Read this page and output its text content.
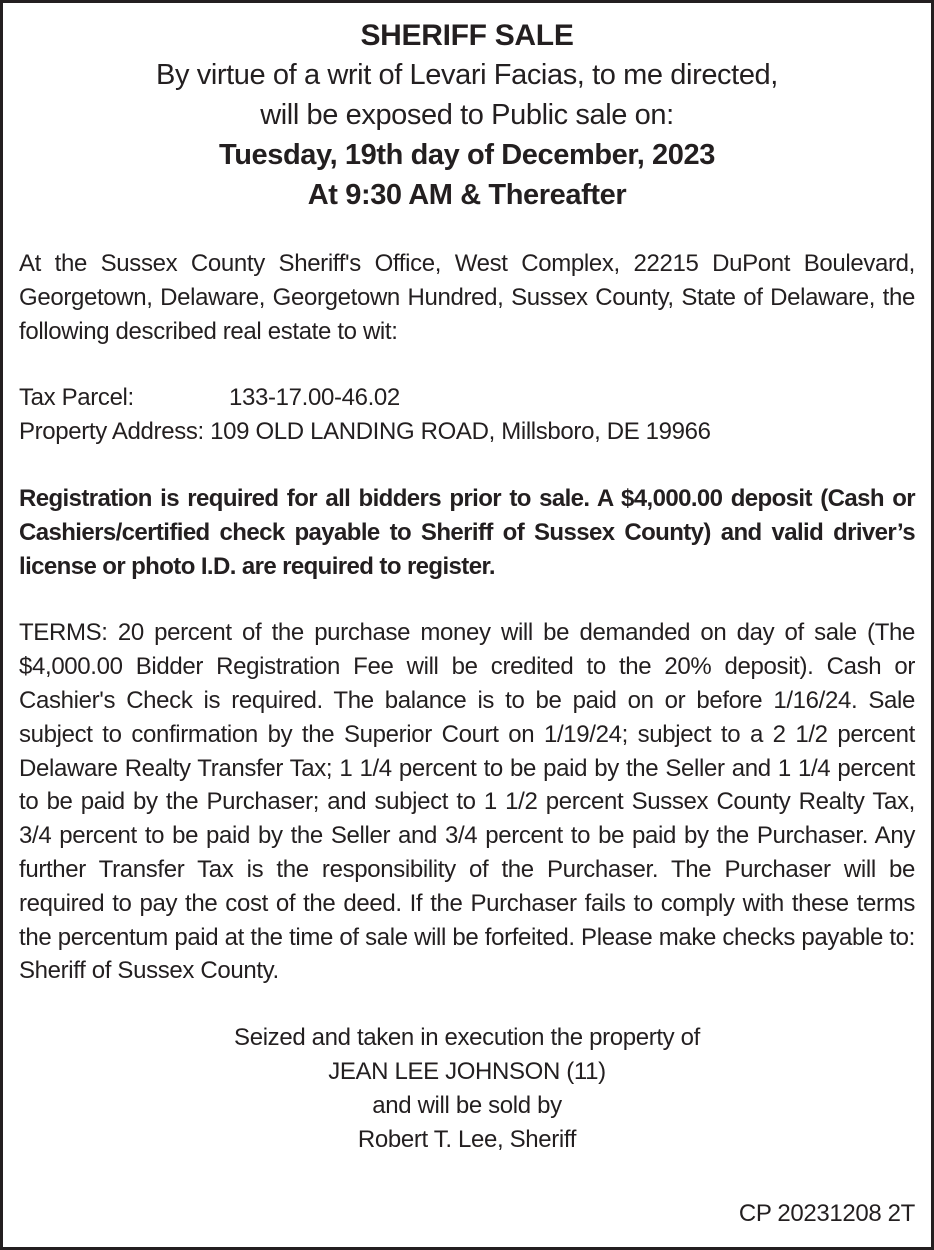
SHERIFF SALE

By virtue of a writ of Levari Facias, to me directed,

will be exposed to Public sale on:

Tuesday, 19th day of December, 2023

At 9:30 AM & Thereafter

At the Sussex County Sheriff's Office, West Complex, 22215 DuPont Boulevard, Georgetown, Delaware, Georgetown Hundred, Sussex County, State of Delaware, the following described real estate to wit:

Tax Parcel:	133-17.00-46.02
Property Address: 109 OLD LANDING ROAD, Millsboro, DE 19966

Registration is required for all bidders prior to sale. A $4,000.00 deposit (Cash or Cashiers/certified check payable to Sheriff of Sussex County) and valid driver’s license or photo I.D. are required to register.

TERMS: 20 percent of the purchase money will be demanded on day of sale (The $4,000.00 Bidder Registration Fee will be credited to the 20% deposit). Cash or Cashier's Check is required. The balance is to be paid on or before 1/16/24. Sale subject to confirmation by the Superior Court on 1/19/24; subject to a 2 1/2 percent Delaware Realty Transfer Tax; 1 1/4 percent to be paid by the Seller and 1 1/4 percent to be paid by the Purchaser; and subject to 1 1/2 percent Sussex County Realty Tax, 3/4 percent to be paid by the Seller and 3/4 percent to be paid by the Purchaser. Any further Transfer Tax is the responsibility of the Purchaser. The Purchaser will be required to pay the cost of the deed. If the Purchaser fails to comply with these terms the percentum paid at the time of sale will be forfeited. Please make checks payable to: Sheriff of Sussex County.

Seized and taken in execution the property of

JEAN LEE JOHNSON (11)

and will be sold by

Robert T. Lee, Sheriff

CP 20231208 2T
